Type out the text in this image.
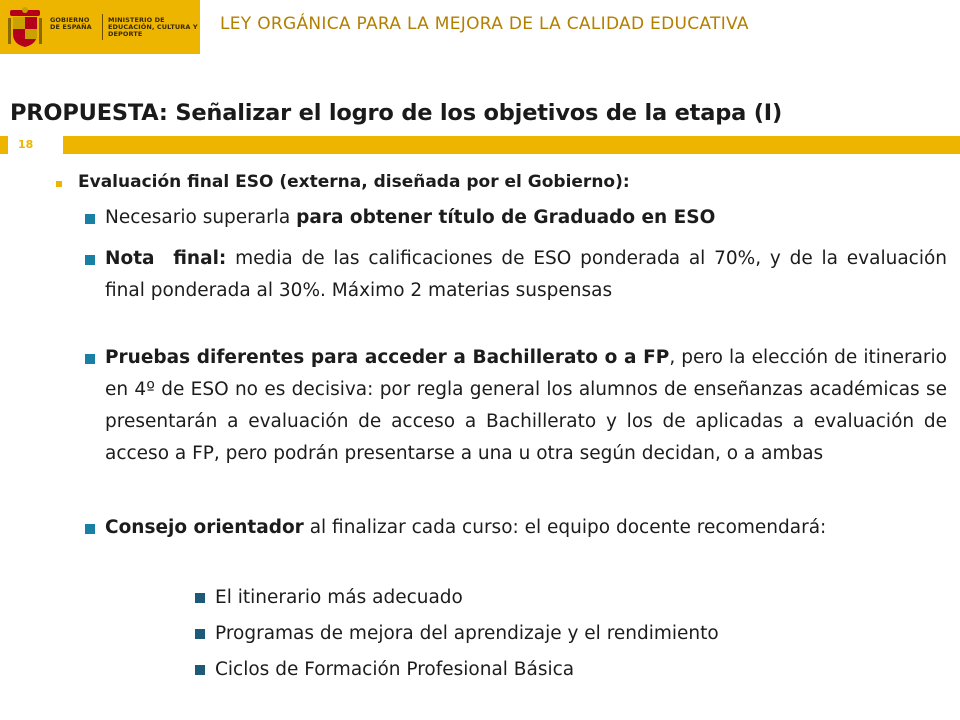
GOBIERNO DE ESPAÑA
MINISTERIO DE EDUCACIÓN, CULTURA Y DEPORTE	LEY ORGÁNICA PARA LA MEJORA DE LA CALIDAD EDUCATIVA
PROPUESTA: Señalizar el logro de los objetivos de la etapa (I)
18
Evaluación final ESO (externa, diseñada por el Gobierno):
Necesario superarla para obtener título de Graduado en ESO
Nota  final: media de las calificaciones de ESO ponderada al 70%, y de la evaluación final ponderada al 30%. Máximo 2 materias suspensas
Pruebas diferentes para acceder a Bachillerato o a FP, pero la elección de itinerario en 4º de ESO no es decisiva: por regla general los alumnos de enseñanzas académicas se presentarán a evaluación de acceso a Bachillerato y los de aplicadas a evaluación de acceso a FP, pero podrán presentarse a una u otra según decidan, o a ambas
Consejo orientador al finalizar cada curso: el equipo docente recomendará:
El itinerario más adecuado
Programas de mejora del aprendizaje y el rendimiento
Ciclos de Formación Profesional Básica
